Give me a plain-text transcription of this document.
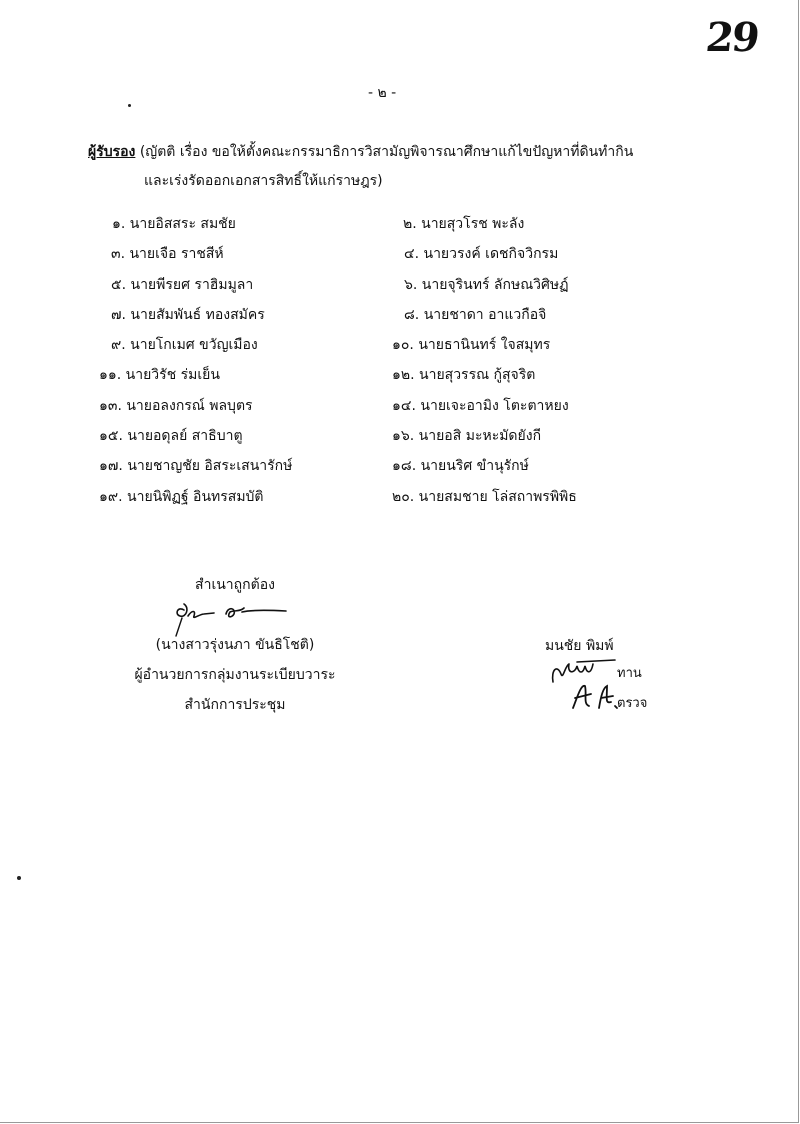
29
- ๒ -
ผู้รับรอง (ญัตติ เรื่อง ขอให้ตั้งคณะกรรมาธิการวิสามัญพิจารณาศึกษาแก้ไขปัญหาที่ดินทำกิน
และเร่งรัดออกเอกสารสิทธิ์ให้แก่ราษฎร)
๑. นายอิสสระ สมชัย	๒. นายสุวโรช พะลัง
๓. นายเจือ ราชสีห์	๔. นายวรงค์ เดชกิจวิกรม
๕. นายพีรยศ ราฮิมมูลา	๖. นายจุรินทร์ ลักษณวิศิษฏ์
๗. นายสัมพันธ์ ทองสมัคร	๘. นายชาดา อาแวกือจิ
๙. นายโกเมศ ขวัญเมือง	๑๐. นายธานินทร์ ใจสมุทร
๑๑. นายวิรัช ร่มเย็น	๑๒. นายสุวรรณ กู้สุจริต
๑๓. นายอลงกรณ์ พลบุตร	๑๔. นายเจะอามิง โตะตาหยง
๑๕. นายอดุลย์ สาธิบาตู	๑๖. นายอสิ มะหะมัดยังกี
๑๗. นายชาญชัย อิสระเสนารักษ์	๑๘. นายนริศ ขำนุรักษ์
๑๙. นายนิพิฏฐ์ อินทรสมบัติ	๒๐. นายสมชาย โล่สถาพรพิพิธ
สำเนาถูกต้อง
(นางสาวรุ่งนภา ขันธิโชติ)
ผู้อำนวยการกลุ่มงานระเบียบวาระ
สำนักการประชุม
มนชัย พิมพ์
ทาน
ตรวจ
